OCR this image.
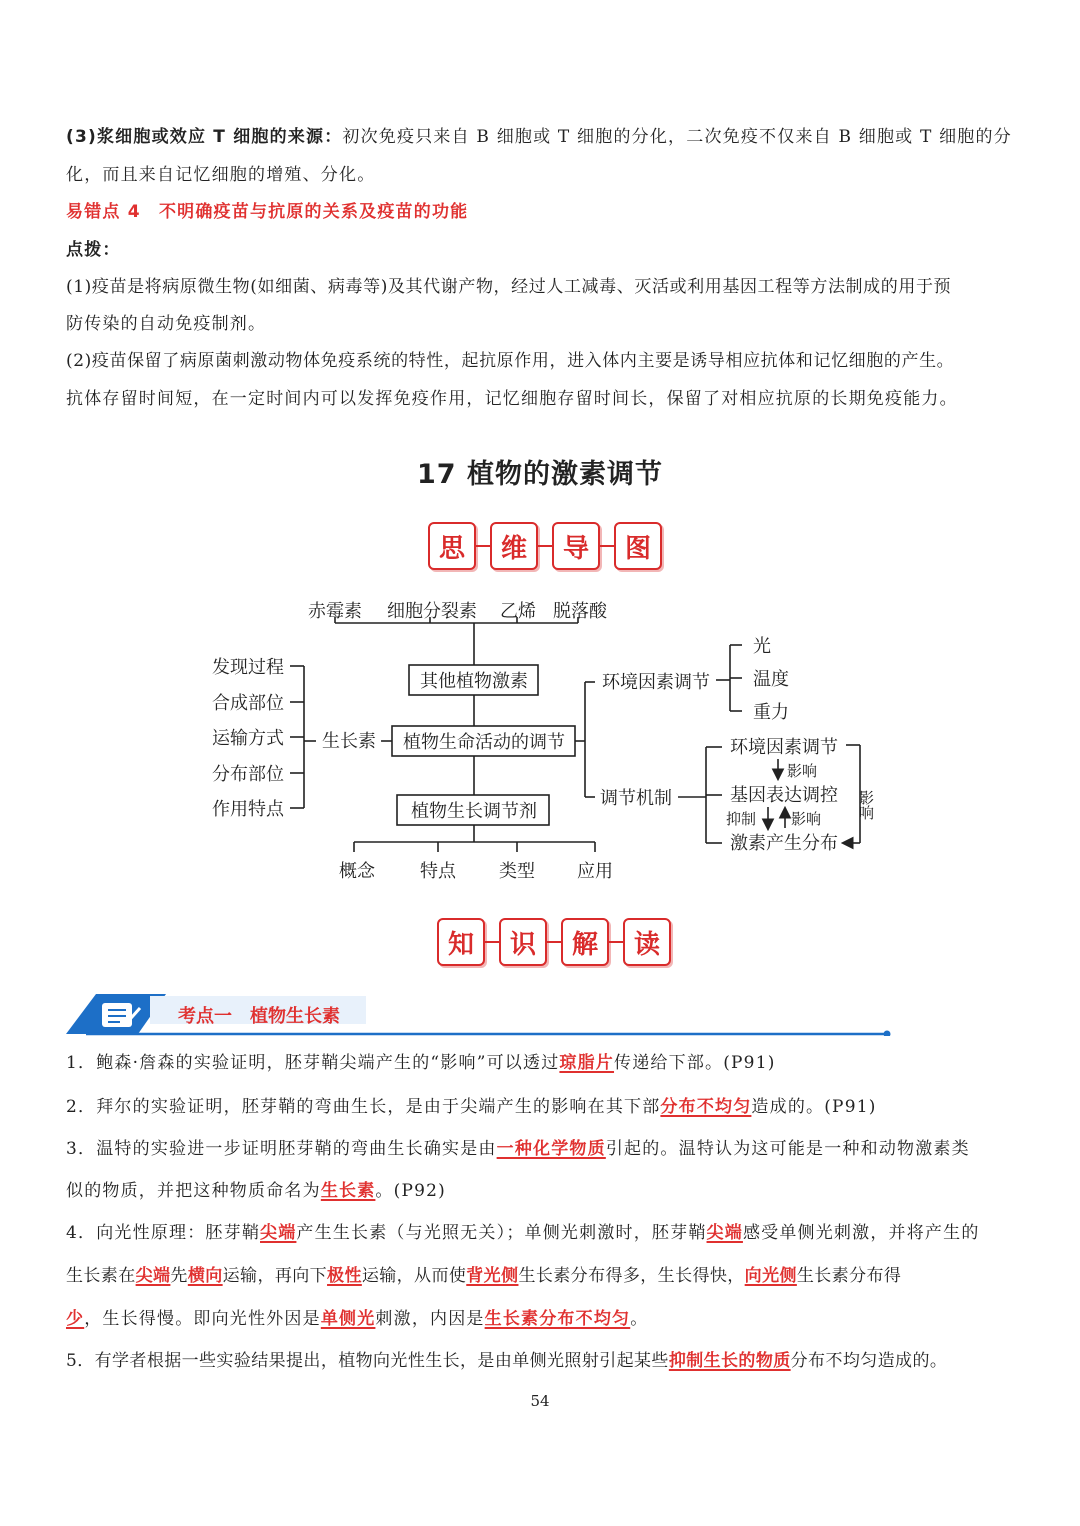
(3)浆细胞或效应 T 细胞的来源：初次免疫只来自 B 细胞或 T 细胞的分化，二次免疫不仅来自 B 细胞或 T 细胞的分
化，而且来自记忆细胞的增殖、分化。
易错点 4　不明确疫苗与抗原的关系及疫苗的功能
点拨：
(1)疫苗是将病原微生物(如细菌、病毒等)及其代谢产物，经过人工减毒、灭活或利用基因工程等方法制成的用于预
防传染的自动免疫制剂。
(2)疫苗保留了病原菌刺激动物体免疫系统的特性，起抗原作用，进入体内主要是诱导相应抗体和记忆细胞的产生。
抗体存留时间短，在一定时间内可以发挥免疫作用，记忆细胞存留时间长，保留了对相应抗原的长期免疫能力。
17 植物的激素调节
思	维	导	图
赤霉素 细胞分裂素 乙烯 脱落酸
其他植物激素
植物生命活动的调节
植物生长调节剂
生长素
发现过程
合成部位
运输方式
分布部位
作用特点
概念	特点 类型 应用
环境因素调节
光
温度
重力
调节机制
环境因素调节
基因表达调控
激素产生分布
影响
抑制 影响 影响
知	识	解	读
考点一　植物生长素
1．鲍森·詹森的实验证明，胚芽鞘尖端产生的“影响”可以透过琼脂片传递给下部。(P91)
2．拜尔的实验证明，胚芽鞘的弯曲生长，是由于尖端产生的影响在其下部分布不均匀造成的。(P91)
3．温特的实验进一步证明胚芽鞘的弯曲生长确实是由一种化学物质引起的。温特认为这可能是一种和动物激素类
似的物质，并把这种物质命名为生长素。(P92)
4．向光性原理：胚芽鞘尖端产生生长素（与光照无关）；单侧光刺激时，胚芽鞘尖端感受单侧光刺激，并将产生的
生长素在尖端先横向运输，再向下极性运输，从而使背光侧生长素分布得多，生长得快，向光侧生长素分布得
少，生长得慢。即向光性外因是单侧光刺激，内因是生长素分布不均匀。
5．有学者根据一些实验结果提出，植物向光性生长，是由单侧光照射引起某些抑制生长的物质分布不均匀造成的。
54
